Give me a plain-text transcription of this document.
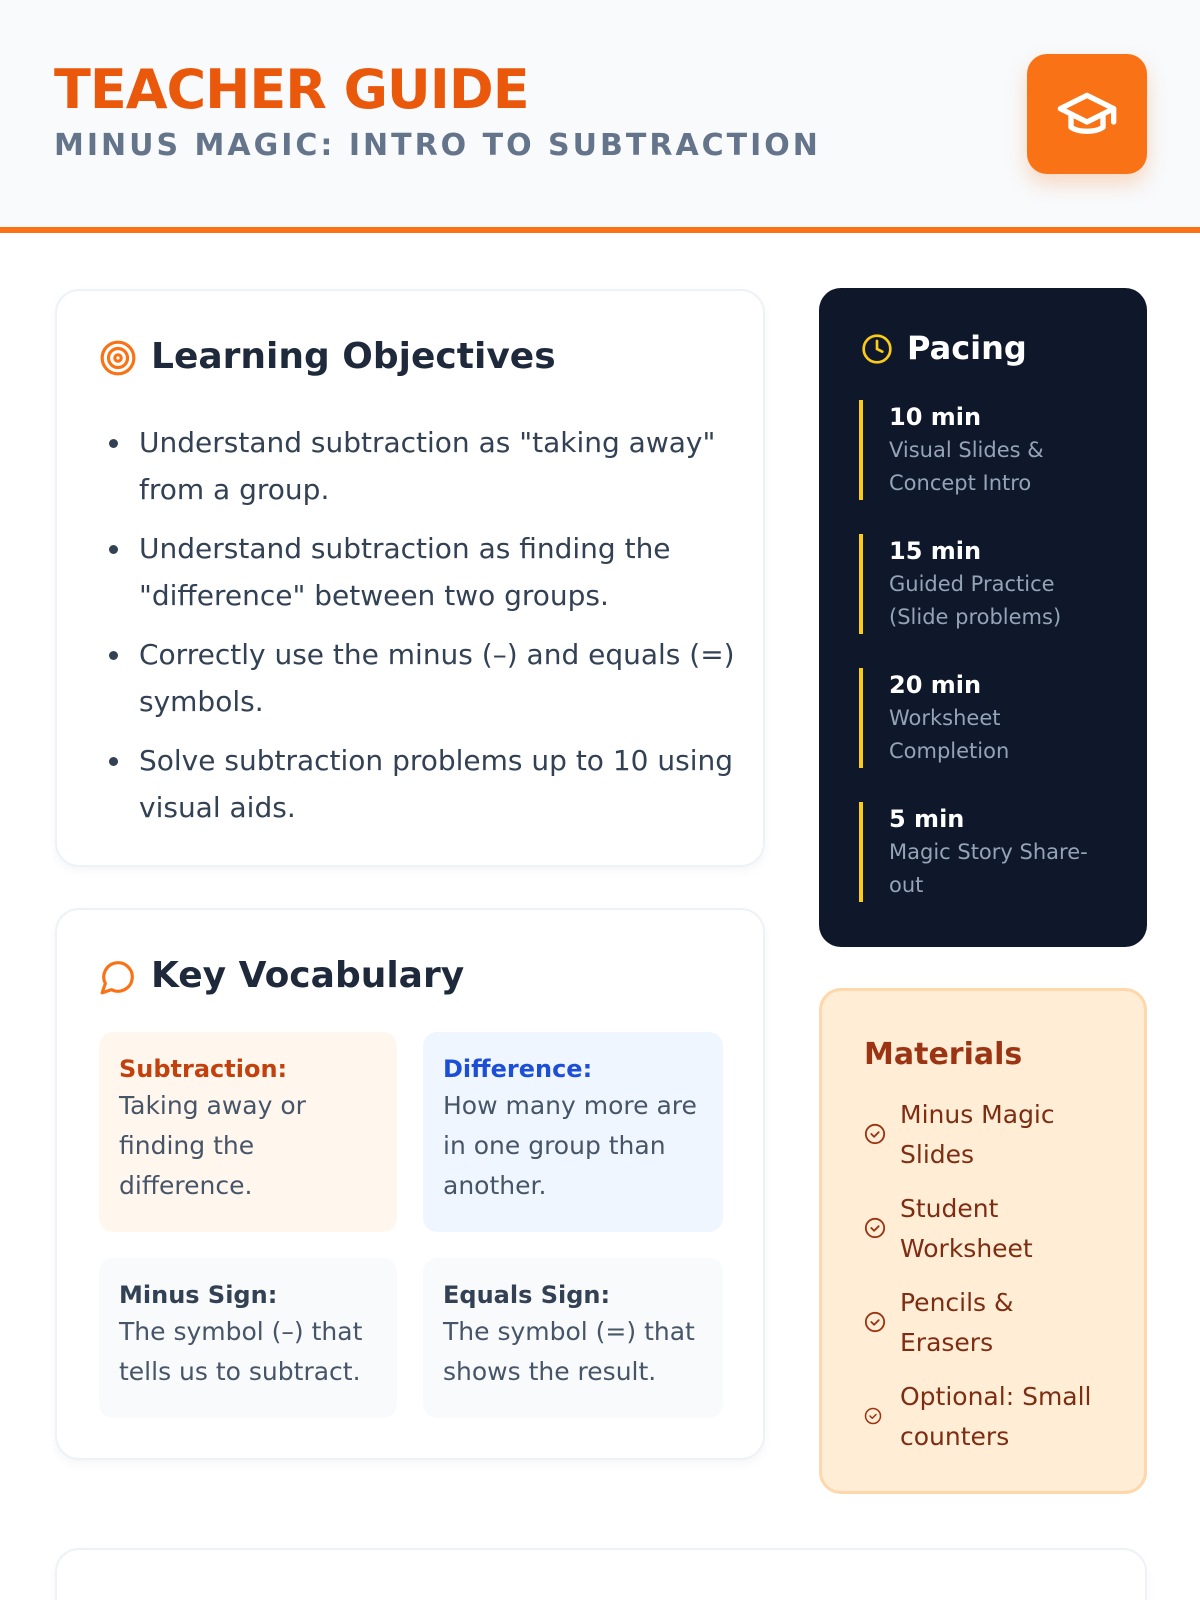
TEACHER GUIDE
MINUS MAGIC: INTRO TO SUBTRACTION
Learning Objectives
Understand subtraction as "taking away" from a group.
Understand subtraction as finding the "difference" between two groups.
Correctly use the minus (–) and equals (=) symbols.
Solve subtraction problems up to 10 using visual aids.
Key Vocabulary
Subtraction:
Taking away or finding the difference.
Difference:
How many more are in one group than another.
Minus Sign:
The symbol (–) that tells us to subtract.
Equals Sign:
The symbol (=) that shows the result.
Pacing
10 min
Visual Slides & Concept Intro
15 min
Guided Practice (Slide problems)
20 min
Worksheet Completion
5 min
Magic Story Share-out
Materials
Minus Magic Slides
Student Worksheet
Pencils & Erasers
Optional: Small counters
